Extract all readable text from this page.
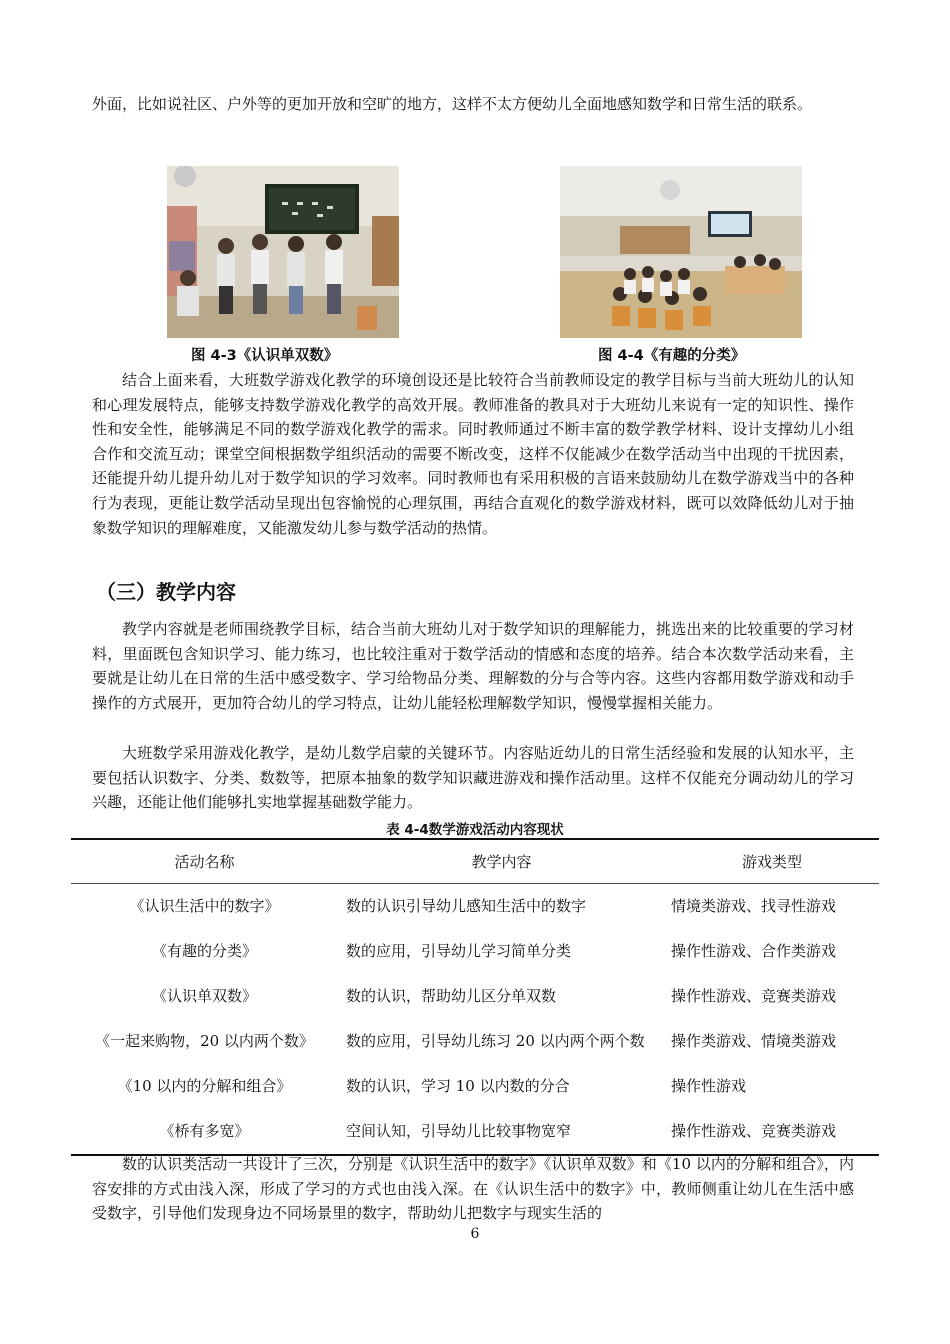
外面，比如说社区、户外等的更加开放和空旷的地方，这样不太方便幼儿全面地感知数学和日常生活的联系。

图 4-3《认识单双数》	图 4-4《有趣的分类》

结合上面来看，大班数学游戏化教学的环境创设还是比较符合当前教师设定的教学目标与当前大班幼儿的认知和心理发展特点，能够支持数学游戏化教学的高效开展。教师准备的教具对于大班幼儿来说有一定的知识性、操作性和安全性，能够满足不同的数学游戏化教学的需求。同时教师通过不断丰富的数学教学材料、设计支撑幼儿小组合作和交流互动；课堂空间根据数学组织活动的需要不断改变，这样不仅能减少在数学活动当中出现的干扰因素，还能提升幼儿提升幼儿对于数学知识的学习效率。同时教师也有采用积极的言语来鼓励幼儿在数学游戏当中的各种行为表现，更能让数学活动呈现出包容愉悦的心理氛围，再结合直观化的数学游戏材料，既可以效降低幼儿对于抽象数学知识的理解难度，又能激发幼儿参与数学活动的热情。

（三）教学内容

教学内容就是老师围绕教学目标，结合当前大班幼儿对于数学知识的理解能力，挑选出来的比较重要的学习材料，里面既包含知识学习、能力练习，也比较注重对于数学活动的情感和态度的培养。结合本次数学活动来看，主要就是让幼儿在日常的生活中感受数字、学习给物品分类、理解数的分与合等内容。这些内容都用数学游戏和动手操作的方式展开，更加符合幼儿的学习特点，让幼儿能轻松理解数学知识，慢慢掌握相关能力。

大班数学采用游戏化教学，是幼儿数学启蒙的关键环节。内容贴近幼儿的日常生活经验和发展的认知水平，主要包括认识数字、分类、数数等，把原本抽象的数学知识藏进游戏和操作活动里。这样不仅能充分调动幼儿的学习兴趣，还能让他们能够扎实地掌握基础数学能力。

表 4-4数学游戏活动内容现状
活动名称	教学内容	游戏类型
《认识生活中的数字》	数的认识引导幼儿感知生活中的数字	情境类游戏、找寻性游戏
《有趣的分类》	数的应用，引导幼儿学习简单分类	操作性游戏、合作类游戏
《认识单双数》	数的认识，帮助幼儿区分单双数	操作性游戏、竞赛类游戏
《一起来购物，20 以内两个数》	数的应用，引导幼儿练习 20 以内两个两个数	操作类游戏、情境类游戏
《10 以内的分解和组合》	数的认识，学习 10 以内数的分合	操作性游戏
《桥有多宽》	空间认知，引导幼儿比较事物宽窄	操作性游戏、竞赛类游戏

数的认识类活动一共设计了三次，分别是《认识生活中的数字》《认识单双数》和《10 以内的分解和组合》，内容安排的方式由浅入深，形成了学习的方式也由浅入深。在《认识生活中的数字》中，教师侧重让幼儿在生活中感受数字，引导他们发现身边不同场景里的数字，帮助幼儿把数字与现实生活的

6
